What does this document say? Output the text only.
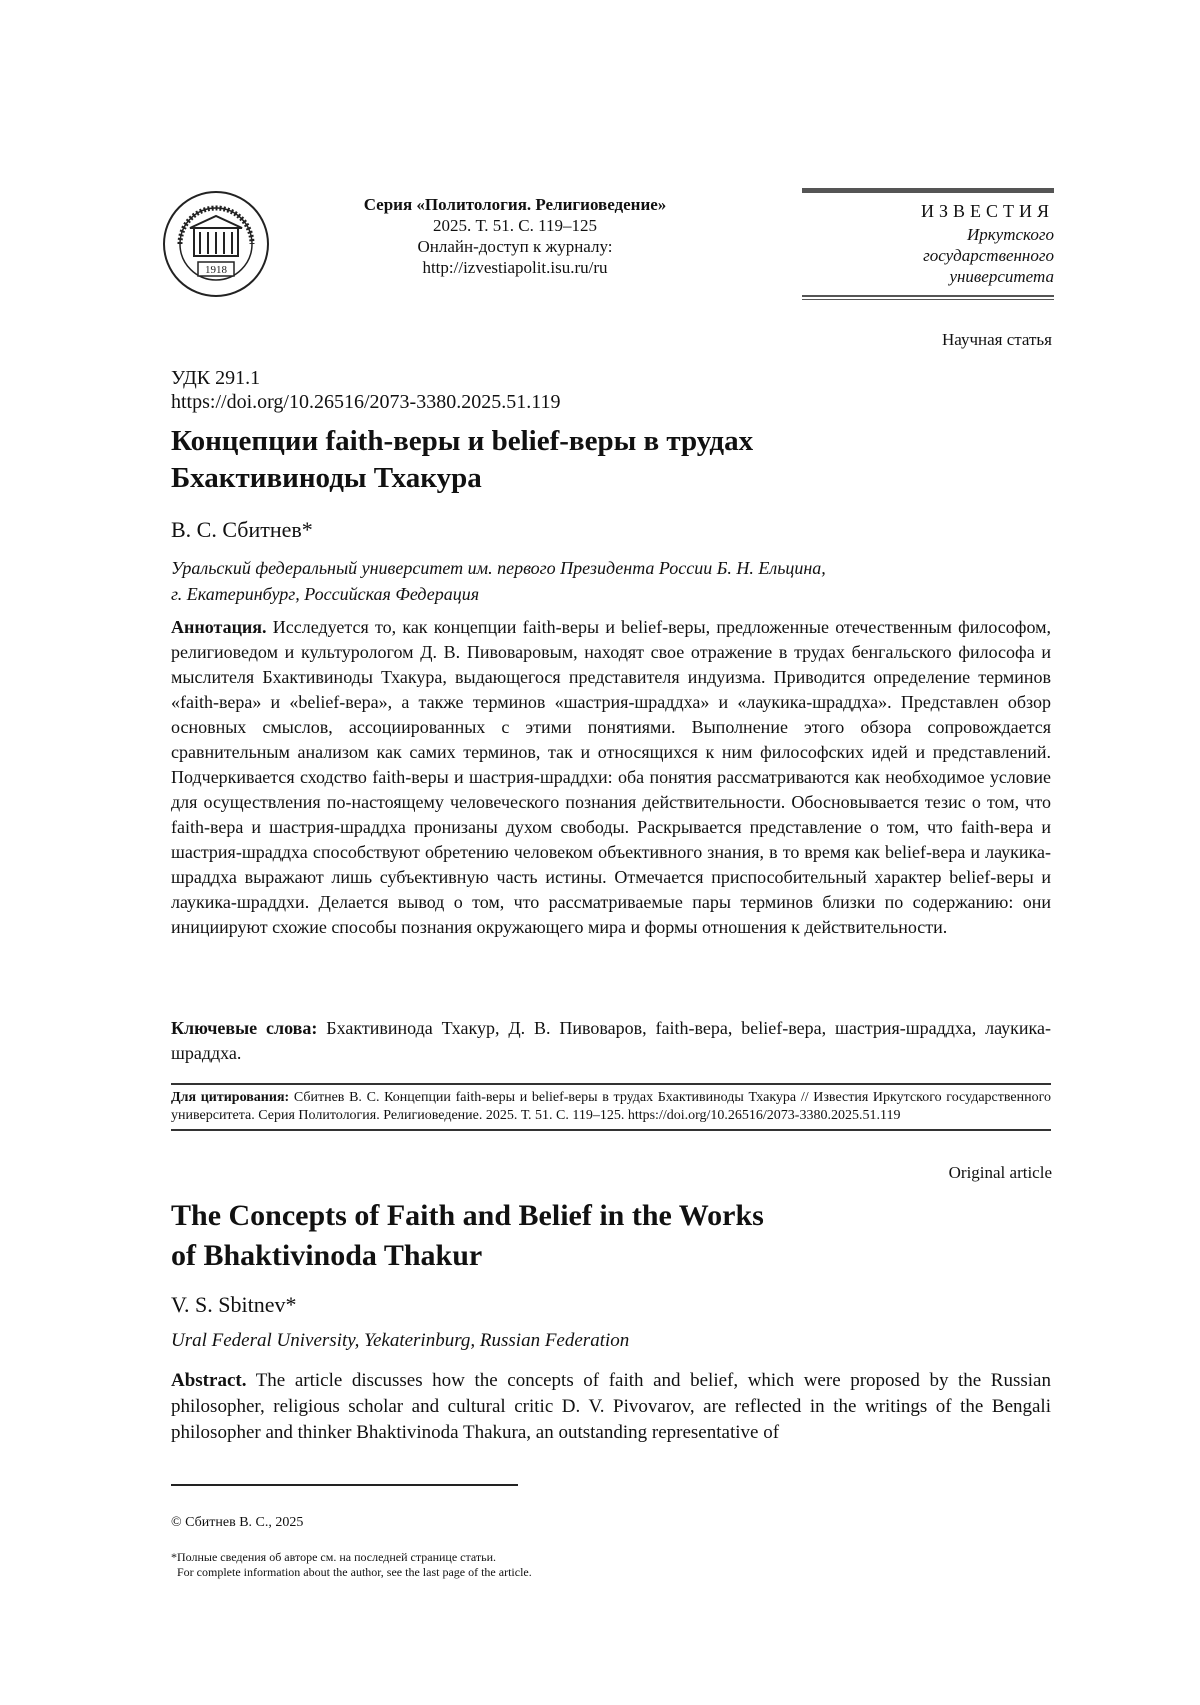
1918
Серия «Политология. Религиоведение»
2025. Т. 51. С. 119–125
Онлайн-доступ к журналу:
http://izvestiapolit.isu.ru/ru
ИЗВЕСТИЯ
Иркутского
государственного
университета
Научная статья
УДК 291.1
https://doi.org/10.26516/2073-3380.2025.51.119
Концепции faith-веры и belief-веры в трудах
Бхактивиноды Тхакура
В. С. Сбитнев*
Уральский федеральный университет им. первого Президента России Б. Н. Ельцина,
г. Екатеринбург, Российская Федерация
Аннотация. Исследуется то, как концепции faith-веры и belief-веры, предложенные отечественным философом, религиоведом и культурологом Д. В. Пивоваровым, находят свое отражение в трудах бенгальского философа и мыслителя Бхактивиноды Тхакура, выдающегося представителя индуизма. Приводится определение терминов «faith-вера» и «belief-вера», а также терминов «шастрия-шраддха» и «лаукика-шраддха». Представлен обзор основных смыслов, ассоциированных с этими понятиями. Выполнение этого обзора сопровождается сравнительным анализом как самих терминов, так и относящихся к ним философских идей и представлений. Подчеркивается сходство faith-веры и шастрия-шраддхи: оба понятия рассматриваются как необходимое условие для осуществления по-настоящему человеческого познания действительности. Обосновывается тезис о том, что faith-вера и шастрия-шраддха пронизаны духом свободы. Раскрывается представление о том, что faith-вера и шастрия-шраддха способствуют обретению человеком объективного знания, в то время как belief-вера и лаукика-шраддха выражают лишь субъективную часть истины. Отмечается приспособительный характер belief-веры и лаукика-шраддхи. Делается вывод о том, что рассматриваемые пары терминов близки по содержанию: они инициируют схожие способы познания окружающего мира и формы отношения к действительности.
Ключевые слова: Бхактивинода Тхакур, Д. В. Пивоваров, faith-вера, belief-вера, шастрия-шраддха, лаукика-шраддха.
Для цитирования: Сбитнев В. С. Концепции faith-веры и belief-веры в трудах Бхактивиноды Тхакура // Известия Иркутского государственного университета. Серия Политология. Религиоведение. 2025. Т. 51. С. 119–125. https://doi.org/10.26516/2073-3380.2025.51.119
Original article
The Concepts of Faith and Belief in the Works
of Bhaktivinoda Thakur
V. S. Sbitnev*
Ural Federal University, Yekaterinburg, Russian Federation
Abstract. The article discusses how the concepts of faith and belief, which were proposed by the Russian philosopher, religious scholar and cultural critic D. V. Pivovarov, are reflected in the writings of the Bengali philosopher and thinker Bhaktivinoda Thakura, an outstanding representative of
© Сбитнев В. С., 2025
*Полные сведения об авторе см. на последней странице статьи.
For complete information about the author, see the last page of the article.
